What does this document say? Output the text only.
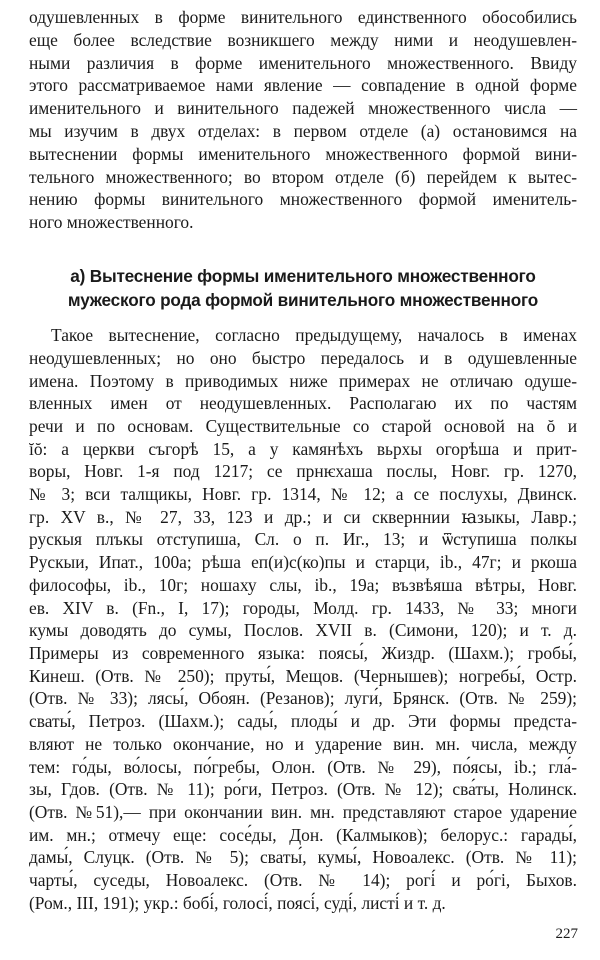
одушевленных в форме винительного единственного обособились
еще более вследствие возникшего между ними и неодушевлен-
ными различия в форме именительного множественного. Ввиду
этого рассматриваемое нами явление — совпадение в одной форме
именительного и винительного падежей множественного числа —
мы изучим в двух отделах: в первом отделе (а) остановимся на
вытеснении формы именительного множественного формой вини-
тельного множественного; во втором отделе (б) перейдем к вытес-
нению формы винительного множественного формой именитель-
ного множественного.
а) Вытеснение формы именительного множественного
мужеского рода формой винительного множественного
Такое вытеснение, согласно предыдущему, началось в именах
неодушевленных; но оно быстро передалось и в одушевленные
имена. Поэтому в приводимых ниже примерах не отличаю одуше-
вленных имен от неодушевленных. Располагаю их по частям
речи и по основам. Существительные со старой основой на ŏ и
ĭŏ: а церкви съгорѣ 15, а у камянѣхъ вьрхы огорѣша и прит-
воры, Новг. 1-я под 1217; се прнѥхаша послы, Новг. гр. 1270,
№ 3; вси талщикы, Новг. гр. 1314, № 12; а се послухы, Двинск.
гр. XV в., № 27, 33, 123 и др.; и си скверннии ꙗзыкы, Лавр.;
рускыя плъкы отступиша, Сл. о п. Иг., 13; и ѿступиша полкы
Рускыи, Ипат., 100а; рѣша еп(и)с(ко)пы и старци, ib., 47г; и ркоша
философы, ib., 10г; ношаху слы, ib., 19а; възвѣяша вѣтры, Новг.
ев. XIV в. (Fn., I, 17); городы, Молд. гр. 1433, № 33; многи
кумы доводять до сумы, Послов. XVII в. (Симони, 120); и т. д.
Примеры из современного языка: поясы́, Жиздр. (Шахм.); гробы́,
Кинеш. (Отв. № 250); пруты́, Мещов. (Чернышев); ногребы́, Остр.
(Отв. № 33); лясы́, Обоян. (Резанов); луги́, Брянск. (Отв. № 259);
сваты́, Петроз. (Шахм.); сады́, плоды́ и др. Эти формы предста-
вляют не только окончание, но и ударение вин. мн. числа, между
тем: го́ды, во́лосы, по́гребы, Олон. (Отв. № 29), по́ясы, ib.; гла́-
зы, Гдов. (Отв. № 11); ро́ги, Петроз. (Отв. № 12); сва́ты, Нолинск.
(Отв. №51),— при окончании вин. мн. представляют старое ударение
им. мн.; отмечу еще: сосе́ды, Дон. (Калмыков); белорус.: гарады́,
дамы́, Слуцк. (Отв. № 5); сваты́, кумы́, Новоалекс. (Отв. № 11);
чарты́, суседы, Новоалекс. (Отв. № 14); рогі́ и ро́гі, Быхов.
(Ром., III, 191); укр.: бобі́, голосі́, поясі́, суді́, листі́ и т. д.
227
